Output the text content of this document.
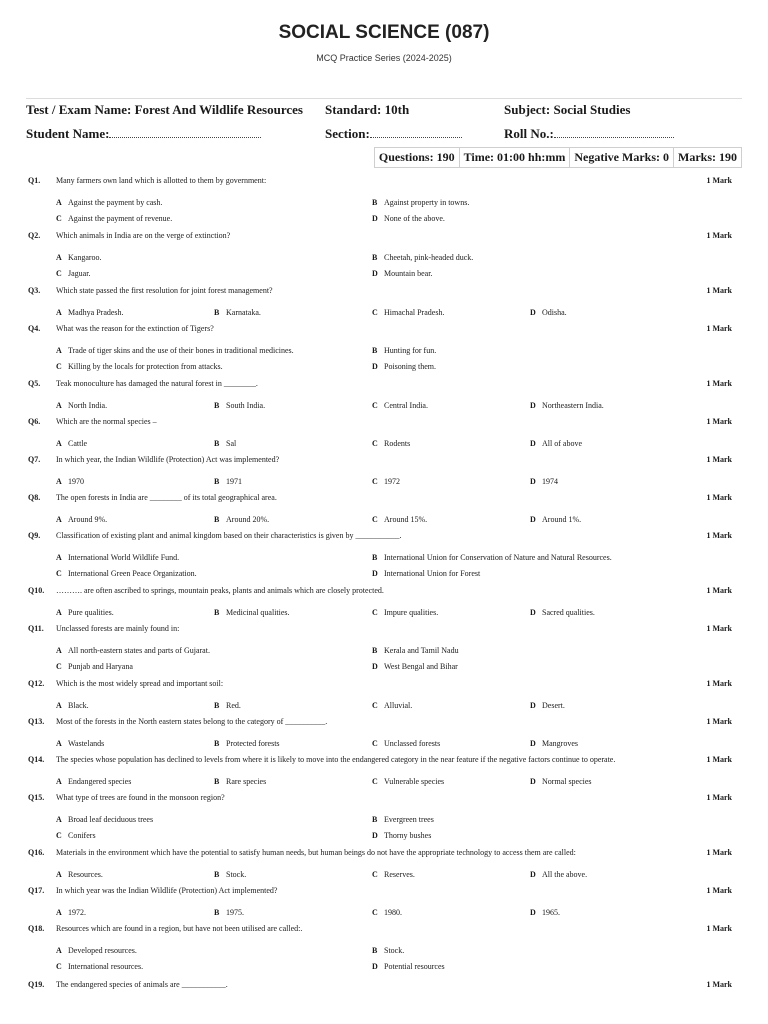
SOCIAL SCIENCE (087)
MCQ Practice Series (2024-2025)
Test / Exam Name: Forest And Wildlife Resources Standard: 10th	Subject: Social Studies
Student Name:	Section:	Roll No.:
Questions: 190 Time: 01:00 hh:mm Negative Marks: 0 Marks: 190
Q1. Many farmers own land which is allotted to them by government:	1 Mark
A Against the payment by cash.	B Against property in towns.
C Against the payment of revenue.	D None of the above.
Q2. Which animals in India are on the verge of extinction?	1 Mark
A Kangaroo.	B Cheetah, pink-headed duck.
C Jaguar.	D Mountain bear.
Q3. Which state passed the first resolution for joint forest management?	1 Mark
A Madhya Pradesh.	B Karnataka.	C Himachal Pradesh.	D Odisha.
Q4. What was the reason for the extinction of Tigers?	1 Mark
A Trade of tiger skins and the use of their bones in traditional medicines.	B Hunting for fun.
C Killing by the locals for protection from attacks.	D Poisoning them.
Q5. Teak monoculture has damaged the natural forest in ________.	1 Mark
A North India.	B South India.	C Central India.	D Northeastern India.
Q6. Which are the normal species –	1 Mark
A Cattle	B Sal	C Rodents	D All of above
Q7. In which year, the Indian Wildlife (Protection) Act was implemented?	1 Mark
A 1970	B 1971	C 1972	D 1974
Q8. The open forests in India are ________ of its total geographical area.	1 Mark
A Around 9%.	B Around 20%.	C Around 15%.	D Around 1%.
Q9. Classification of existing plant and animal kingdom based on their characteristics is given by ___________.	1 Mark
A International World Wildlife Fund.	B International Union for Conservation of Nature and Natural Resources.
C International Green Peace Organization.	D International Union for Forest
Q10. ………. are often ascribed to springs, mountain peaks, plants and animals which are closely protected.	1 Mark
A Pure qualities.	B Medicinal qualities.	C Impure qualities.	D Sacred qualities.
Q11. Unclassed forests are mainly found in:	1 Mark
A All north-eastern states and parts of Gujarat.	B Kerala and Tamil Nadu
C Punjab and Haryana	D West Bengal and Bihar
Q12. Which is the most widely spread and important soil:	1 Mark
A Black.	B Red.	C Alluvial.	D Desert.
Q13. Most of the forests in the North eastern states belong to the category of __________.	1 Mark
A Wastelands	B Protected forests	C Unclassed forests	D Mangroves
Q14. The species whose population has declined to levels from where it is likely to move into the endangered category in the near feature if the negative factors continue to operate.	1 Mark
A Endangered species	B Rare species	C Vulnerable species	D Normal species
Q15. What type of trees are found in the monsoon region?	1 Mark
A Broad leaf deciduous trees	B Evergreen trees
C Conifers	D Thorny bushes
Q16. Materials in the environment which have the potential to satisfy human needs, but human beings do not have the appropriate technology to access them are called:	1 Mark
A Resources.	B Stock.	C Reserves.	D All the above.
Q17. In which year was the Indian Wildlife (Protection) Act implemented?	1 Mark
A 1972.	B 1975.	C 1980.	D 1965.
Q18. Resources which are found in a region, but have not been utilised are called:.	1 Mark
A Developed resources.	B Stock.
C International resources.	D Potential resources
Q19. The endangered species of animals are ___________.	1 Mark
